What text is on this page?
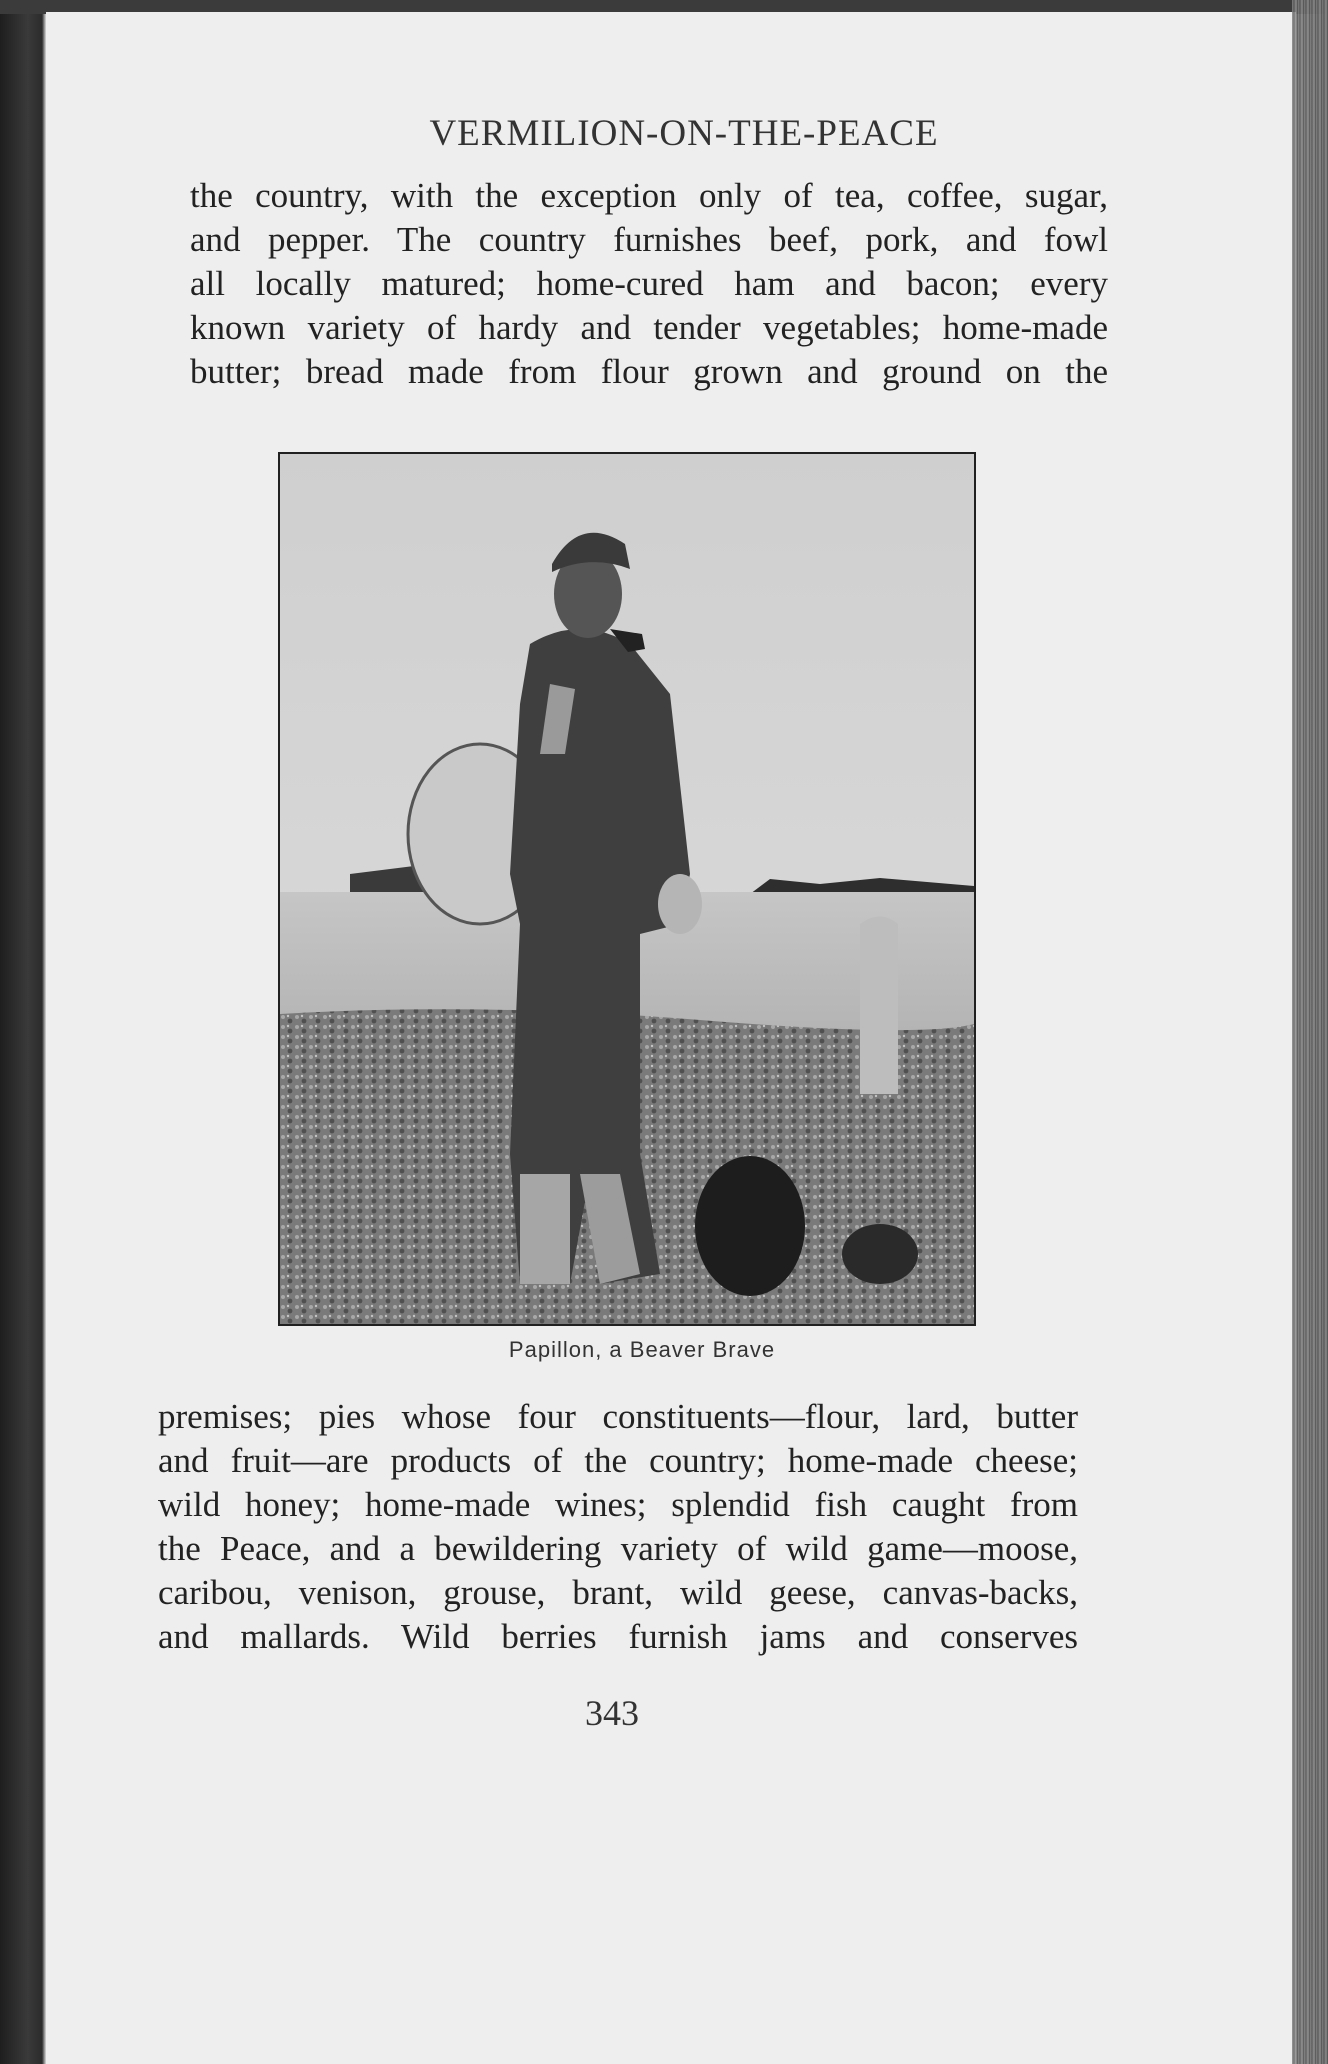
VERMILION-ON-THE-PEACE

the country, with the exception only of tea, coffee, sugar,
and pepper. The country furnishes beef, pork, and fowl
all locally matured; home-cured ham and bacon; every
known variety of hardy and tender vegetables; home-made
butter; bread made from flour grown and ground on the

Papillon, a Beaver Brave

premises; pies whose four constituents—flour, lard, butter
and fruit—are products of the country; home-made cheese;
wild honey; home-made wines; splendid fish caught from
the Peace, and a bewildering variety of wild game—moose,
caribou, venison, grouse, brant, wild geese, canvas-backs,
and mallards. Wild berries furnish jams and conserves

343
